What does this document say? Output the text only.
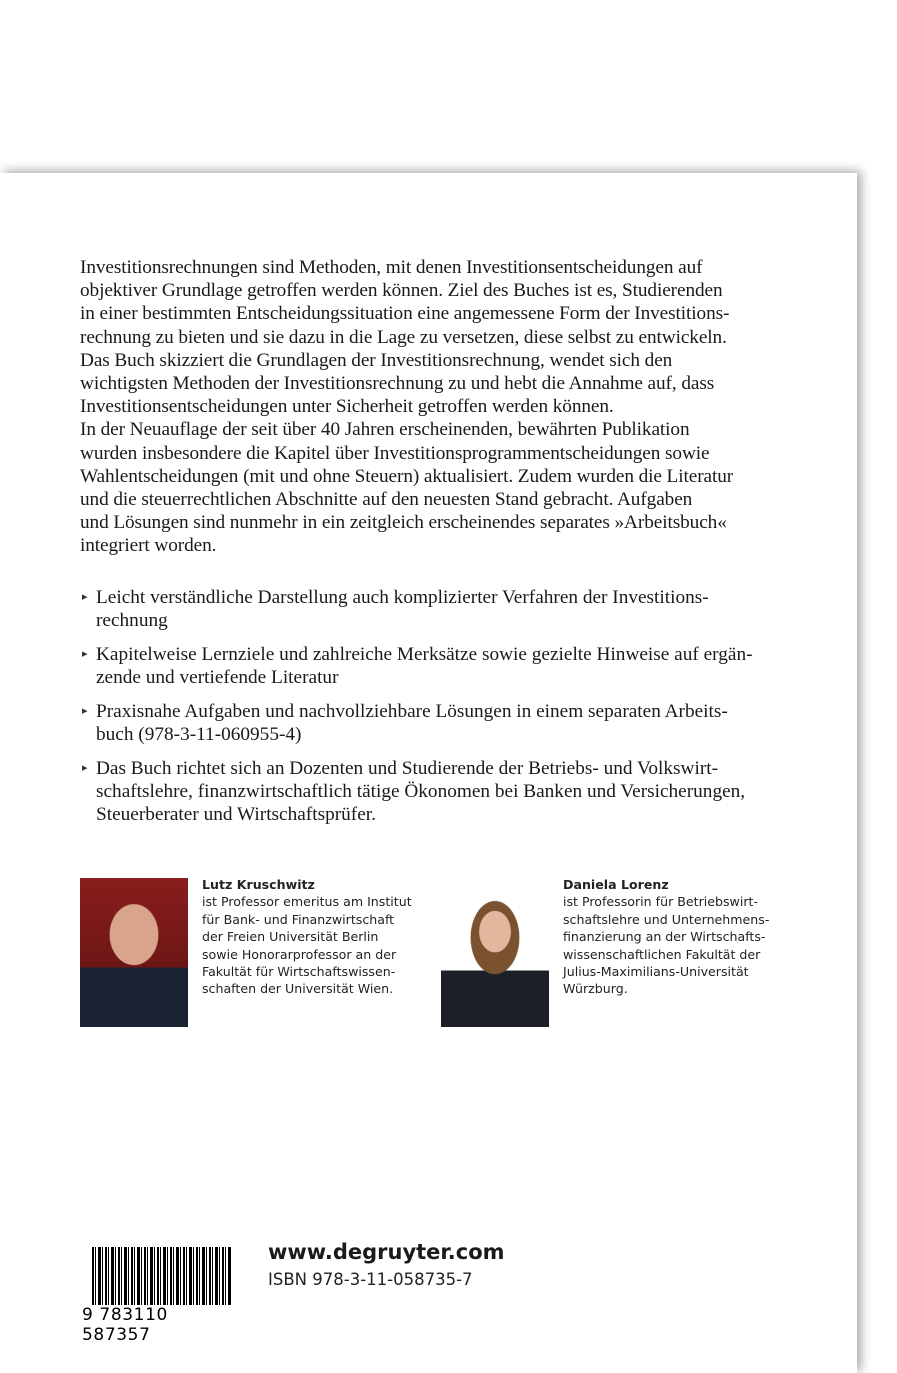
Investitionsrechnungen sind Methoden, mit denen Investitionsentscheidungen auf
objektiver Grundlage getroffen werden können. Ziel des Buches ist es, Studierenden
in einer bestimmten Entscheidungssituation eine angemessene Form der Investitions-
rechnung zu bieten und sie dazu in die Lage zu versetzen, diese selbst zu entwickeln.
Das Buch skizziert die Grundlagen der Investitionsrechnung, wendet sich den
wichtigsten Methoden der Investitionsrechnung zu und hebt die Annahme auf, dass
Investitionsentscheidungen unter Sicherheit getroffen werden können.
In der Neuauflage der seit über 40 Jahren erscheinenden, bewährten Publikation
wurden insbesondere die Kapitel über Investitionsprogrammentscheidungen sowie
Wahlentscheidungen (mit und ohne Steuern) aktualisiert. Zudem wurden die Literatur
und die steuerrechtlichen Abschnitte auf den neuesten Stand gebracht. Aufgaben
und Lösungen sind nunmehr in ein zeitgleich erscheinendes separates »Arbeitsbuch«
integriert worden.
▸ Leicht verständliche Darstellung auch komplizierter Verfahren der Investitions-
rechnung
▸ Kapitelweise Lernziele und zahlreiche Merksätze sowie gezielte Hinweise auf ergän-
zende und vertiefende Literatur
▸ Praxisnahe Aufgaben und nachvollziehbare Lösungen in einem separaten Arbeits-
buch (978-3-11-060955-4)
▸ Das Buch richtet sich an Dozenten und Studierende der Betriebs- und Volkswirt-
schaftslehre, finanzwirtschaftlich tätige Ökonomen bei Banken und Versicherungen,
Steuerberater und Wirtschaftsprüfer.
Lutz Kruschwitz
ist Professor emeritus am Institut
für Bank- und Finanzwirtschaft
der Freien Universität Berlin
sowie Honorarprofessor an der
Fakultät für Wirtschaftswissen-
schaften der Universität Wien.
Daniela Lorenz
ist Professorin für Betriebswirt-
schaftslehre und Unternehmens-
finanzierung an der Wirtschafts-
wissenschaftlichen Fakultät der
Julius-Maximilians-Universität
Würzburg.
9 783110 587357
www.degruyter.com
ISBN 978-3-11-058735-7
